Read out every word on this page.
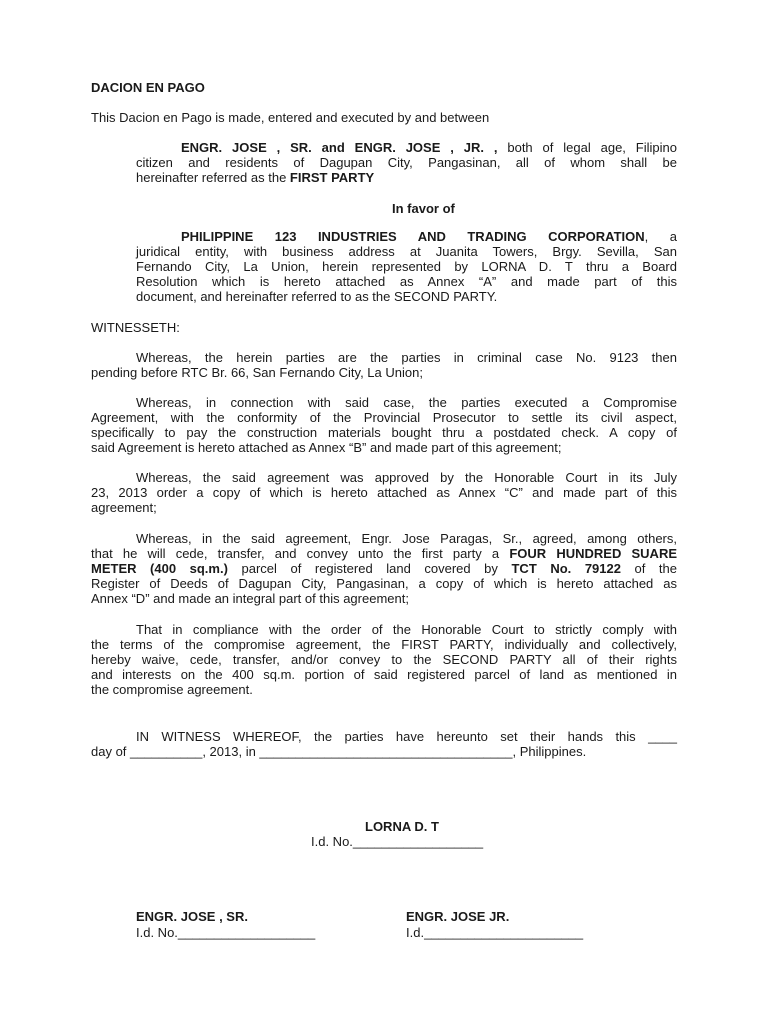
DACION EN PAGO
This Dacion en Pago is made, entered and executed by and between
ENGR. JOSE , SR. and ENGR. JOSE , JR. , both of legal age, Filipino
citizen and residents of Dagupan City, Pangasinan, all of whom shall be
hereinafter referred as the FIRST PARTY
In favor of
PHILIPPINE 123 INDUSTRIES AND TRADING CORPORATION, a
juridical entity, with business address at Juanita Towers, Brgy. Sevilla, San
Fernando City, La Union, herein represented by LORNA D. T thru a Board
Resolution which is hereto attached as Annex “A” and made part of this
document, and hereinafter referred to as the SECOND PARTY.
WITNESSETH:
Whereas, the herein parties are the parties in criminal case No. 9123 then
pending before RTC Br. 66, San Fernando City, La Union;
Whereas, in connection with said case, the parties executed a Compromise
Agreement, with the conformity of the Provincial Prosecutor to settle its civil aspect,
specifically to pay the construction materials bought thru a postdated check. A copy of
said Agreement is hereto attached as Annex “B” and made part of this agreement;
Whereas, the said agreement was approved by the Honorable Court in its July
23, 2013 order a copy of which is hereto attached as Annex “C” and made part of this
agreement;
Whereas, in the said agreement, Engr. Jose Paragas, Sr., agreed, among others,
that he will cede, transfer, and convey unto the first party a FOUR HUNDRED SUARE
METER (400 sq.m.) parcel of registered land covered by TCT No. 79122 of the
Register of Deeds of Dagupan City, Pangasinan, a copy of which is hereto attached as
Annex “D” and made an integral part of this agreement;
That in compliance with the order of the Honorable Court to strictly comply with
the terms of the compromise agreement, the FIRST PARTY, individually and collectively,
hereby waive, cede, transfer, and/or convey to the SECOND PARTY all of their rights
and interests on the 400 sq.m. portion of said registered parcel of land as mentioned in
the compromise agreement.
IN WITNESS WHEREOF, the parties have hereunto set their hands this ____
day of __________, 2013, in ___________________________________, Philippines.
LORNA D. T
I.d. No.__________________
ENGR. JOSE , SR.
I.d. No.___________________
ENGR. JOSE JR.
I.d.______________________
